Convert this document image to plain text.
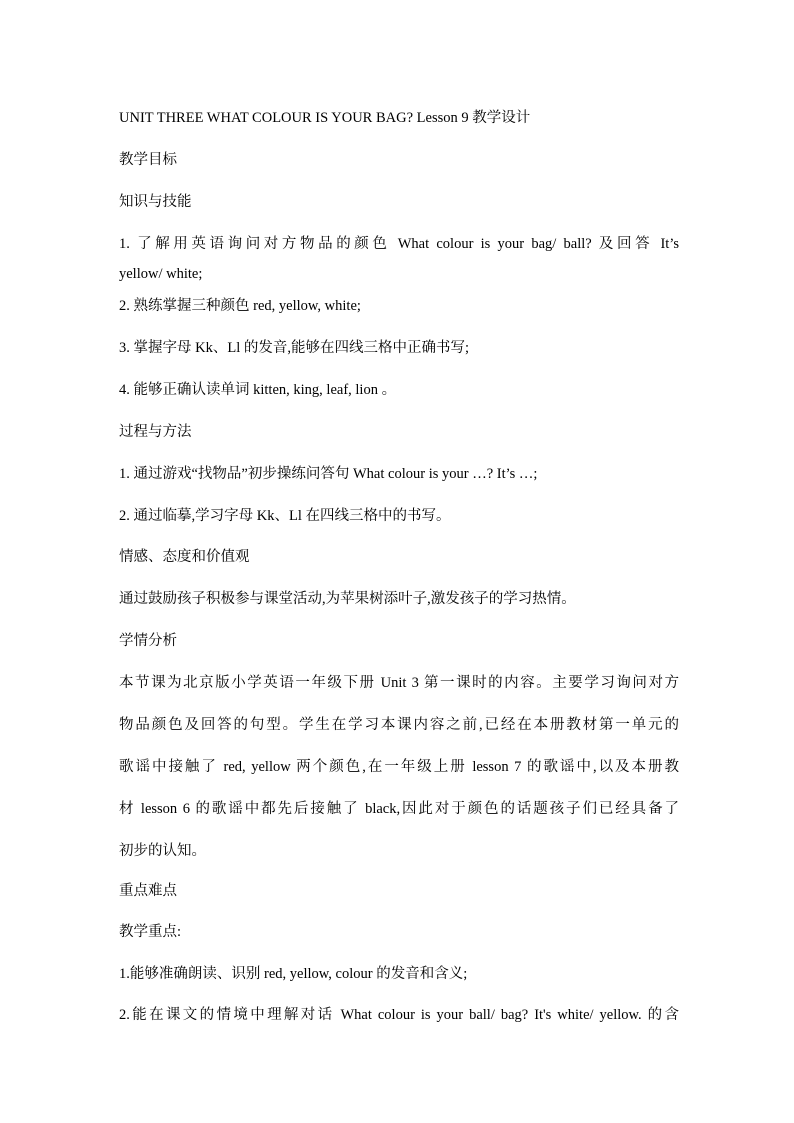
UNIT THREE WHAT COLOUR IS YOUR BAG? Lesson 9 教学设计
教学目标
知识与技能
1. 了解用英语询问对方物品的颜色 What colour is your bag/ ball? 及回答 It’s
yellow/ white;
2. 熟练掌握三种颜色 red, yellow, white;
3. 掌握字母 Kk、Ll 的发音,能够在四线三格中正确书写;
4. 能够正确认读单词 kitten, king, leaf, lion 。
过程与方法
1. 通过游戏“找物品”初步操练问答句 What colour is your …? It’s …;
2. 通过临摹,学习字母 Kk、Ll 在四线三格中的书写。
情感、态度和价值观
通过鼓励孩子积极参与课堂活动,为苹果树添叶子,激发孩子的学习热情。
学情分析
本节课为北京版小学英语一年级下册 Unit 3 第一课时的内容。主要学习询问对方
物品颜色及回答的句型。学生在学习本课内容之前,已经在本册教材第一单元的
歌谣中接触了 red, yellow 两个颜色,在一年级上册 lesson 7 的歌谣中,以及本册教
材 lesson 6 的歌谣中都先后接触了 black,因此对于颜色的话题孩子们已经具备了
初步的认知。
重点难点
教学重点:
1.能够准确朗读、识别 red, yellow, colour 的发音和含义;
2.能在课文的情境中理解对话 What colour is your ball/ bag? It's white/ yellow. 的含
